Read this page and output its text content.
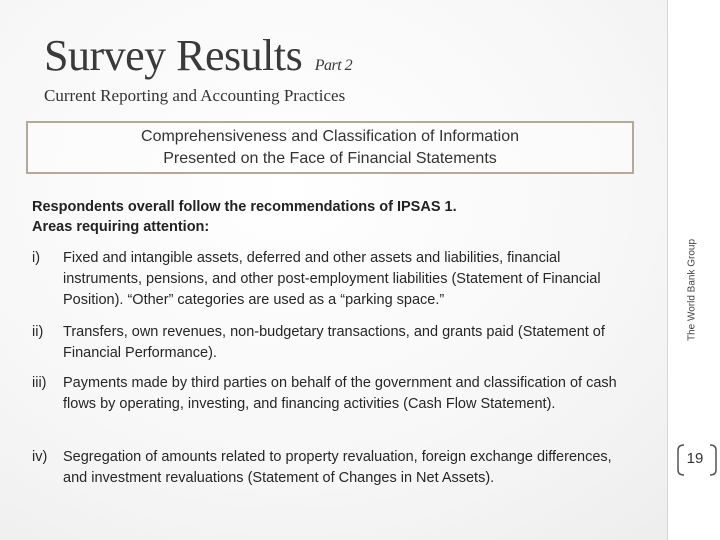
Survey Results Part 2
Current Reporting and Accounting Practices
Comprehensiveness and Classification of Information
Presented on the Face of Financial Statements
Respondents overall follow the recommendations of IPSAS 1.
Areas requiring attention:
i)	Fixed and intangible assets, deferred and other assets and liabilities, financial instruments, pensions, and other post-employment liabilities (Statement of Financial Position). “Other” categories are used as a “parking space.”
ii)	Transfers, own revenues, non-budgetary transactions, and grants paid (Statement of Financial Performance).
iii)	Payments made by third parties on behalf of the government and classification of cash flows by operating, investing, and financing activities (Cash Flow Statement).
iv)	Segregation of amounts related to property revaluation, foreign exchange differences, and investment revaluations (Statement of Changes in Net Assets).
The World Bank Group
19
